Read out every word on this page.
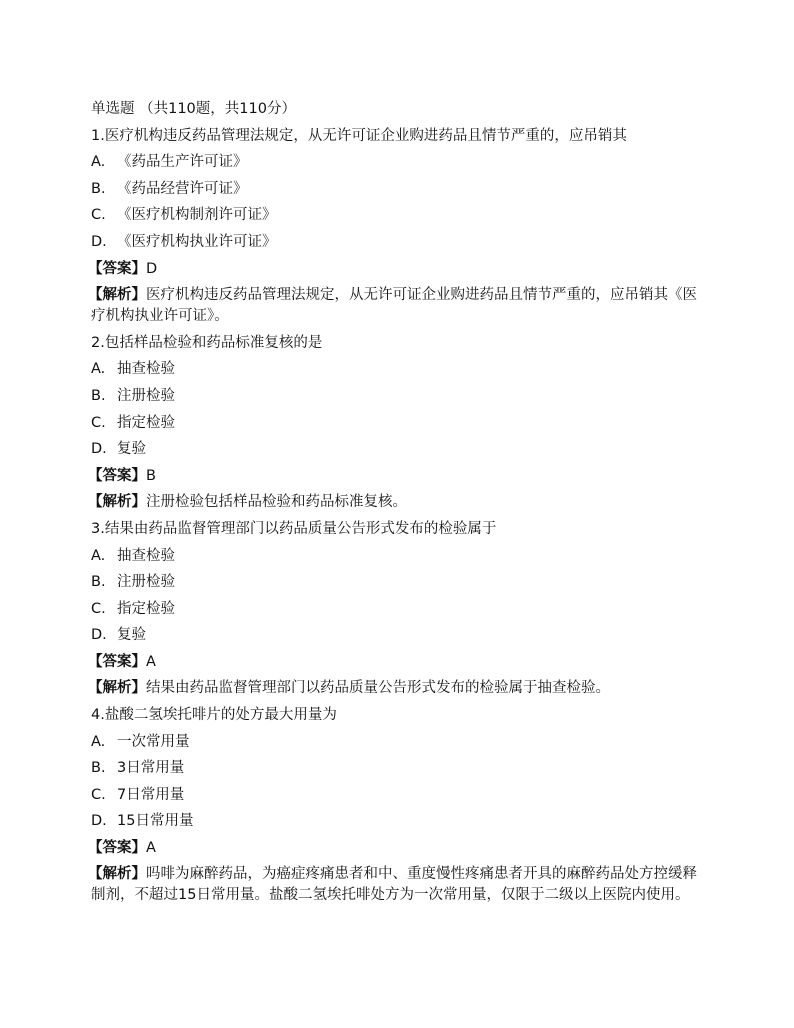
单选题 （共110题，共110分）
1.医疗机构违反药品管理法规定，从无许可证企业购进药品且情节严重的，应吊销其
A. 《药品生产许可证》
B. 《药品经营许可证》
C. 《医疗机构制剂许可证》
D. 《医疗机构执业许可证》
【答案】D
【解析】医疗机构违反药品管理法规定，从无许可证企业购进药品且情节严重的，应吊销其《医疗机构执业许可证》。
2.包括样品检验和药品标准复核的是
A. 抽查检验
B. 注册检验
C. 指定检验
D. 复验
【答案】B
【解析】注册检验包括样品检验和药品标准复核。
3.结果由药品监督管理部门以药品质量公告形式发布的检验属于
A. 抽查检验
B. 注册检验
C. 指定检验
D. 复验
【答案】A
【解析】结果由药品监督管理部门以药品质量公告形式发布的检验属于抽查检验。
4.盐酸二氢埃托啡片的处方最大用量为
A. 一次常用量
B. 3日常用量
C. 7日常用量
D. 15日常用量
【答案】A
【解析】吗啡为麻醉药品，为癌症疼痛患者和中、重度慢性疼痛患者开具的麻醉药品处方控缓释制剂，不超过15日常用量。盐酸二氢埃托啡处方为一次常用量，仅限于二级以上医院内使用。
